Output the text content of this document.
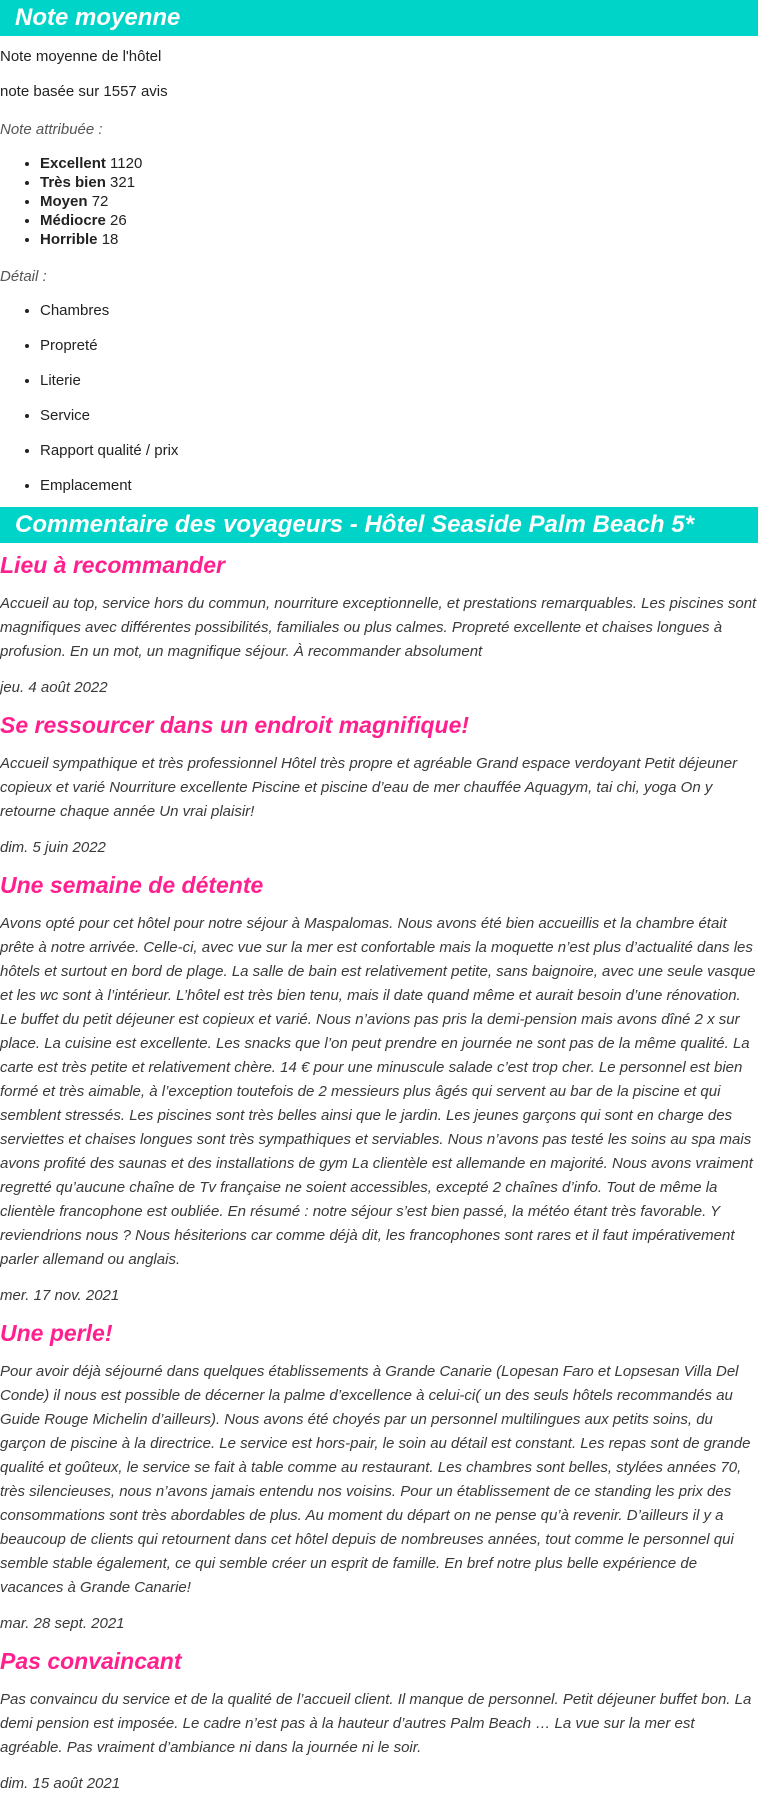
Note moyenne

Note moyenne de l'hôtel

note basée sur 1557 avis

Note attribuée :

• Excellent 1120
• Très bien 321
• Moyen 72
• Médiocre 26
• Horrible 18

Détail :

• Chambres
• Propreté
• Literie
• Service
• Rapport qualité / prix
• Emplacement
Commentaire des voyageurs - Hôtel Seaside Palm Beach 5*
Lieu à recommander

Accueil au top, service hors du commun, nourriture exceptionnelle, et prestations remarquables. Les piscines sont magnifiques avec différentes possibilités, familiales ou plus calmes. Propreté excellente et chaises longues à profusion. En un mot, un magnifique séjour. À recommander absolument

jeu. 4 août 2022

Se ressourcer dans un endroit magnifique!

Accueil sympathique et très professionnel Hôtel très propre et agréable Grand espace verdoyant Petit déjeuner copieux et varié Nourriture excellente Piscine et piscine d’eau de mer chauffée Aquagym, tai chi, yoga On y retourne chaque année Un vrai plaisir!

dim. 5 juin 2022

Une semaine de détente

Avons opté pour cet hôtel pour notre séjour à Maspalomas. Nous avons été bien accueillis et la chambre était prête à notre arrivée. Celle-ci, avec vue sur la mer est confortable mais la moquette n’est plus d’actualité dans les hôtels et surtout en bord de plage. La salle de bain est relativement petite, sans baignoire, avec une seule vasque et les wc sont à l’intérieur. L’hôtel est très bien tenu, mais il date quand même et aurait besoin d’une rénovation. Le buffet du petit déjeuner est copieux et varié. Nous n’avions pas pris la demi-pension mais avons dîné 2 x sur place. La cuisine est excellente. Les snacks que l’on peut prendre en journée ne sont pas de la même qualité. La carte est très petite et relativement chère. 14 € pour une minuscule salade c’est trop cher. Le personnel est bien formé et très aimable, à l’exception toutefois de 2 messieurs plus âgés qui servent au bar de la piscine et qui semblent stressés. Les piscines sont très belles ainsi que le jardin. Les jeunes garçons qui sont en charge des serviettes et chaises longues sont très sympathiques et serviables. Nous n’avons pas testé les soins au spa mais avons profité des saunas et des installations de gym La clientèle est allemande en majorité. Nous avons vraiment regretté qu’aucune chaîne de Tv française ne soient accessibles, excepté 2 chaînes d’info. Tout de même la clientèle francophone est oubliée. En résumé : notre séjour s’est bien passé, la météo étant très favorable. Y reviendrions nous ? Nous hésiterions car comme déjà dit, les francophones sont rares et il faut impérativement parler allemand ou anglais.

mer. 17 nov. 2021

Une perle!

Pour avoir déjà séjourné dans quelques établissements à Grande Canarie (Lopesan Faro et Lopsesan Villa Del Conde) il nous est possible de décerner la palme d’excellence à celui-ci( un des seuls hôtels recommandés au Guide Rouge Michelin d’ailleurs). Nous avons été choyés par un personnel multilingues aux petits soins, du garçon de piscine à la directrice. Le service est hors-pair, le soin au détail est constant. Les repas sont de grande qualité et goûteux, le service se fait à table comme au restaurant. Les chambres sont belles, stylées années 70, très silencieuses, nous n’avons jamais entendu nos voisins. Pour un établissement de ce standing les prix des consommations sont très abordables de plus. Au moment du départ on ne pense qu’à revenir. D’ailleurs il y a beaucoup de clients qui retournent dans cet hôtel depuis de nombreuses années, tout comme le personnel qui semble stable également, ce qui semble créer un esprit de famille. En bref notre plus belle expérience de vacances à Grande Canarie!

mar. 28 sept. 2021

Pas convaincant

Pas convaincu du service et de la qualité de l’accueil client. Il manque de personnel. Petit déjeuner buffet bon. La demi pension est imposée. Le cadre n’est pas à la hauteur d’autres Palm Beach … La vue sur la mer est agréable. Pas vraiment d’ambiance ni dans la journée ni le soir.

dim. 15 août 2021
